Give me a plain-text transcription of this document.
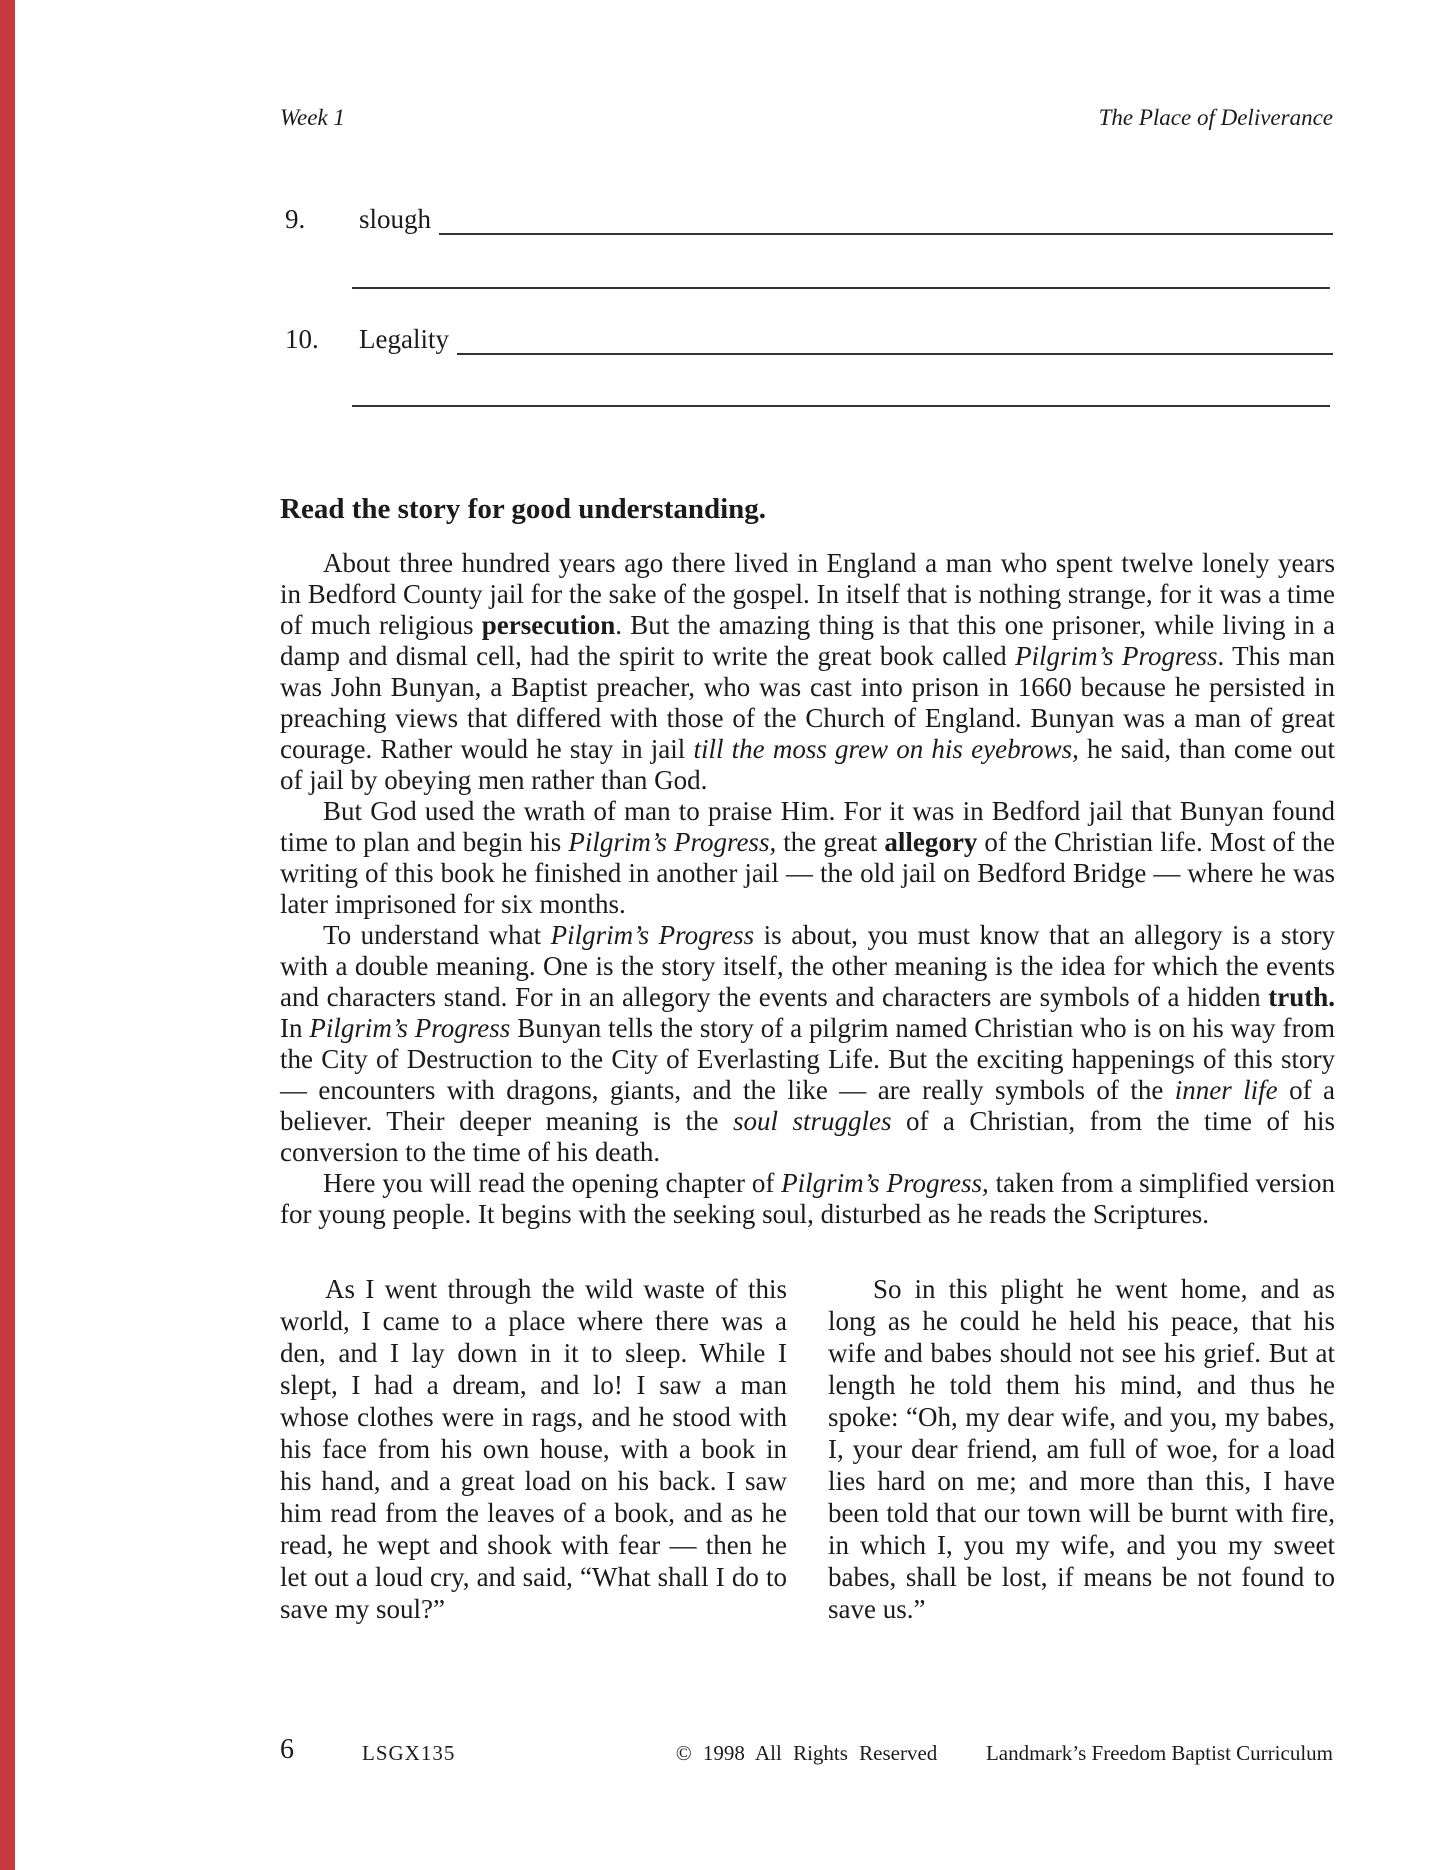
Week 1	The Place of Deliverance
9.	slough
10.	Legality
Read the story for good understanding.

About three hundred years ago there lived in England a man who spent twelve lonely years in Bedford County jail for the sake of the gospel. In itself that is nothing strange, for it was a time of much religious persecution. But the amazing thing is that this one prisoner, while living in a damp and dismal cell, had the spirit to write the great book called Pilgrim’s Progress. This man was John Bunyan, a Baptist preacher, who was cast into prison in 1660 because he persisted in preaching views that differed with those of the Church of England. Bunyan was a man of great courage. Rather would he stay in jail till the moss grew on his eyebrows, he said, than come out of jail by obeying men rather than God.

But God used the wrath of man to praise Him. For it was in Bedford jail that Bunyan found time to plan and begin his Pilgrim’s Progress, the great allegory of the Christian life. Most of the writing of this book he finished in another jail — the old jail on Bedford Bridge — where he was later imprisoned for six months.

To understand what Pilgrim’s Progress is about, you must know that an allegory is a story with a double meaning. One is the story itself, the other meaning is the idea for which the events and characters stand. For in an allegory the events and characters are symbols of a hidden truth. In Pilgrim’s Progress Bunyan tells the story of a pilgrim named Christian who is on his way from the City of Destruction to the City of Everlasting Life. But the exciting happenings of this story — encounters with dragons, giants, and the like — are really symbols of the inner life of a believer. Their deeper meaning is the soul struggles of a Christian, from the time of his conversion to the time of his death.

Here you will read the opening chapter of Pilgrim’s Progress, taken from a simplified version for young people. It begins with the seeking soul, disturbed as he reads the Scriptures.

As I went through the wild waste of this world, I came to a place where there was a den, and I lay down in it to sleep. While I slept, I had a dream, and lo! I saw a man whose clothes were in rags, and he stood with his face from his own house, with a book in his hand, and a great load on his back. I saw him read from the leaves of a book, and as he read, he wept and shook with fear — then he let out a loud cry, and said, “What shall I do to save my soul?”

So in this plight he went home, and as long as he could he held his peace, that his wife and babes should not see his grief. But at length he told them his mind, and thus he spoke: “Oh, my dear wife, and you, my babes, I, your dear friend, am full of woe, for a load lies hard on me; and more than this, I have been told that our town will be burnt with fire, in which I, you my wife, and you my sweet babes, shall be lost, if means be not found to save us.”

6	LSGX135	© 1998 All Rights Reserved Landmark’s Freedom Baptist Curriculum
